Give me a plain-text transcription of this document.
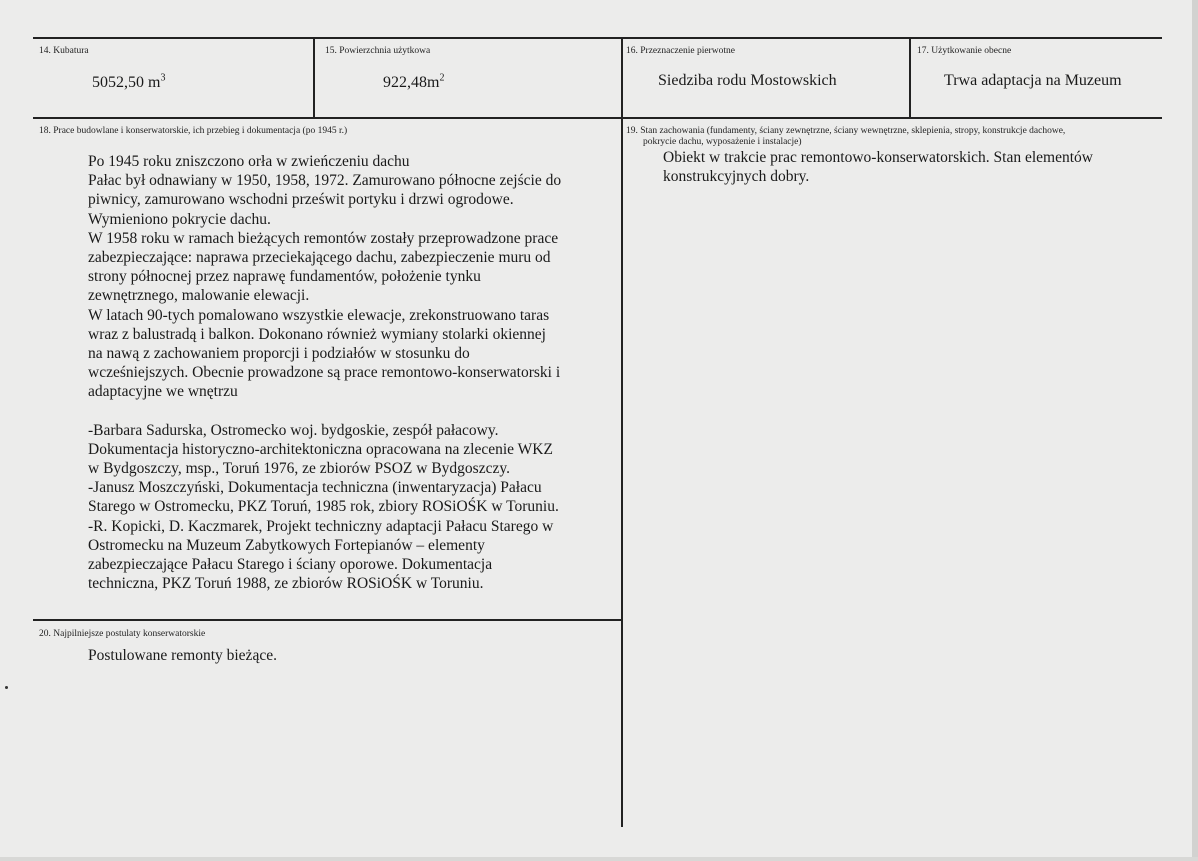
14. Kubatura
5052,50 $m^3$
15. Powierzchnia użytkowa
$922,48m^2$
16. Przeznaczenie pierwotne
Siedziba rodu Mostowskich
17. Użytkowanie obecne
Trwa adaptacja na Muzeum
18. Prace budowlane i konserwatorskie, ich przebieg i dokumentacja (po 1945 r.)
Po 1945 roku zniszczono orła w zwieńczeniu dachu
Pałac był odnawiany w 1950, 1958, 1972. Zamurowano północne zejście do
piwnicy, zamurowano wschodni prześwit portyku i drzwi ogrodowe.
Wymieniono pokrycie dachu.
W 1958 roku w ramach bieżących remontów zostały przeprowadzone prace
zabezpieczające: naprawa przeciekającego dachu, zabezpieczenie muru od
strony północnej przez naprawę fundamentów, położenie tynku
zewnętrznego, malowanie elewacji.
W latach 90-tych pomalowano wszystkie elewacje, zrekonstruowano taras
wraz z balustradą i balkon. Dokonano również wymiany stolarki okiennej
na nawą z zachowaniem proporcji i podziałów w stosunku do
wcześniejszych. Obecnie prowadzone są prace remontowo-konserwatorski i
adaptacyjne we wnętrzu
-Barbara Sadurska, Ostromecko woj. bydgoskie, zespół pałacowy.
Dokumentacja historyczno-architektoniczna opracowana na zlecenie WKZ
w Bydgoszczy, msp., Toruń 1976, ze zbiorów PSOZ w Bydgoszczy.
-Janusz Moszczyński, Dokumentacja techniczna (inwentaryzacja) Pałacu
Starego w Ostromecku, PKZ Toruń, 1985 rok, zbiory ROSiOŚK w Toruniu.
-R. Kopicki, D. Kaczmarek, Projekt techniczny adaptacji Pałacu Starego w
Ostromecku na Muzeum Zabytkowych Fortepianów – elementy
zabezpieczające Pałacu Starego i ściany oporowe. Dokumentacja
techniczna, PKZ Toruń 1988, ze zbiorów ROSiOŚK w Toruniu.
19. Stan zachowania (fundamenty, ściany zewnętrzne, ściany wewnętrzne, sklepienia, stropy, konstrukcje dachowe,
pokrycie dachu, wyposażenie i instalacje)
Obiekt w trakcie prac remontowo-konserwatorskich. Stan elementów
konstrukcyjnych dobry.
20. Najpilniejsze postulaty konserwatorskie
Postulowane remonty bieżące.
